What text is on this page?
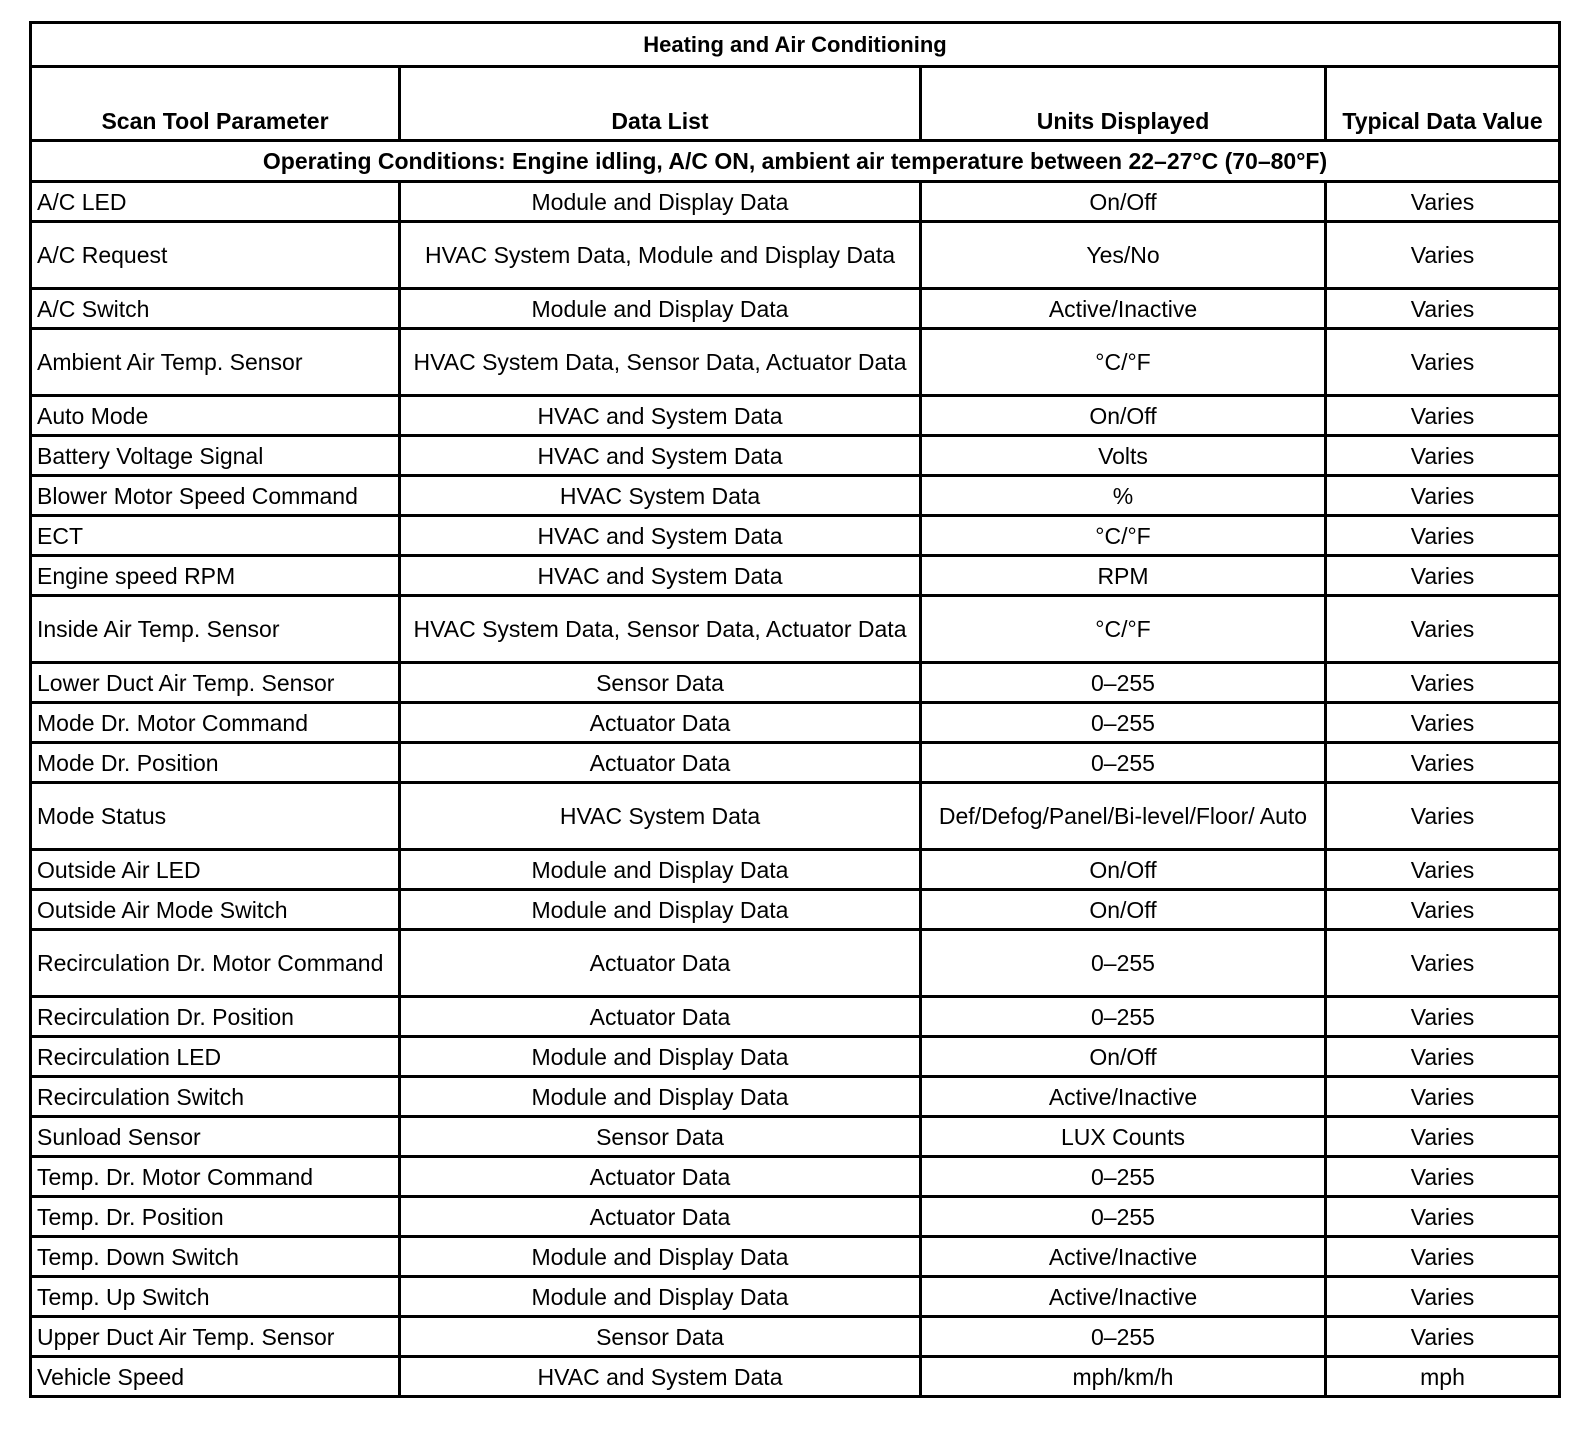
Heating and Air Conditioning			
Scan Tool Parameter	Data List	Units Displayed	Typical Data Value
Operating Conditions: Engine idling, A/C ON, ambient air temperature between 22–27°C (70–80°F)			
A/C LED	Module and Display Data	On/Off	Varies
A/C Request	HVAC System Data, Module and Display Data	Yes/No	Varies
A/C Switch	Module and Display Data	Active/Inactive	Varies
Ambient Air Temp. Sensor	HVAC System Data, Sensor Data, Actuator Data	°C/°F	Varies
Auto Mode	HVAC and System Data	On/Off	Varies
Battery Voltage Signal	HVAC and System Data	Volts	Varies
Blower Motor Speed Command	HVAC System Data	%	Varies
ECT	HVAC and System Data	°C/°F	Varies
Engine speed RPM	HVAC and System Data	RPM	Varies
Inside Air Temp. Sensor	HVAC System Data, Sensor Data, Actuator Data	°C/°F	Varies
Lower Duct Air Temp. Sensor	Sensor Data	0–255	Varies
Mode Dr. Motor Command	Actuator Data	0–255	Varies
Mode Dr. Position	Actuator Data	0–255	Varies
Mode Status	HVAC System Data	Def/Defog/Panel/Bi-level/Floor/ Auto	Varies
Outside Air LED	Module and Display Data	On/Off	Varies
Outside Air Mode Switch	Module and Display Data	On/Off	Varies
Recirculation Dr. Motor Command	Actuator Data	0–255	Varies
Recirculation Dr. Position	Actuator Data	0–255	Varies
Recirculation LED	Module and Display Data	On/Off	Varies
Recirculation Switch	Module and Display Data	Active/Inactive	Varies
Sunload Sensor	Sensor Data	LUX Counts	Varies
Temp. Dr. Motor Command	Actuator Data	0–255	Varies
Temp. Dr. Position	Actuator Data	0–255	Varies
Temp. Down Switch	Module and Display Data	Active/Inactive	Varies
Temp. Up Switch	Module and Display Data	Active/Inactive	Varies
Upper Duct Air Temp. Sensor	Sensor Data	0–255	Varies
Vehicle Speed	HVAC and System Data	mph/km/h	mph
